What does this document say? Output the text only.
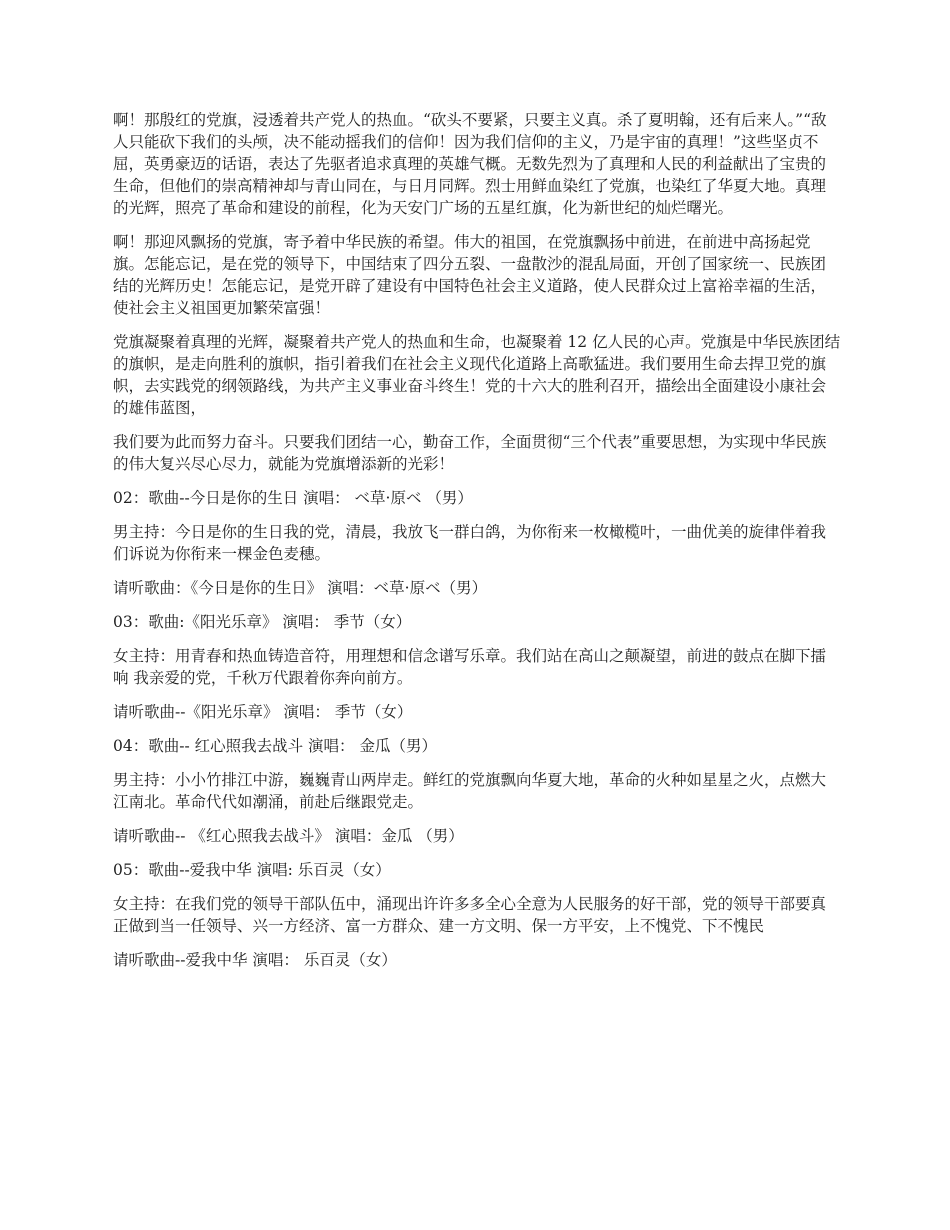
啊！那殷红的党旗，浸透着共产党人的热血。“砍头不要紧，只要主义真。杀了夏明翰，还有后来人。”“敌人只能砍下我们的头颅，决不能动摇我们的信仰！因为我们信仰的主义，乃是宇宙的真理！”这些坚贞不屈，英勇豪迈的话语，表达了先驱者追求真理的英雄气概。无数先烈为了真理和人民的利益献出了宝贵的生命，但他们的崇高精神却与青山同在，与日月同辉。烈士用鲜血染红了党旗，也染红了华夏大地。真理的光辉，照亮了革命和建设的前程，化为天安门广场的五星红旗，化为新世纪的灿烂曙光。

啊！那迎风飘扬的党旗，寄予着中华民族的希望。伟大的祖国，在党旗飘扬中前进，在前进中高扬起党旗。怎能忘记，是在党的领导下，中国结束了四分五裂、一盘散沙的混乱局面，开创了国家统一、民族团结的光辉历史！怎能忘记，是党开辟了建设有中国特色社会主义道路，使人民群众过上富裕幸福的生活，使社会主义祖国更加繁荣富强！

党旗凝聚着真理的光辉，凝聚着共产党人的热血和生命，也凝聚着 12 亿人民的心声。党旗是中华民族团结的旗帜，是走向胜利的旗帜，指引着我们在社会主义现代化道路上高歌猛进。我们要用生命去捍卫党的旗帜，去实践党的纲领路线，为共产主义事业奋斗终生！党的十六大的胜利召开，描绘出全面建设小康社会的雄伟蓝图，

我们要为此而努力奋斗。只要我们团结一心，勤奋工作，全面贯彻“三个代表”重要思想，为实现中华民族的伟大复兴尽心尽力，就能为党旗增添新的光彩！

02：歌曲--今日是你的生日 演唱： ベ草·原ベ （男）

男主持：今日是你的生日我的党，清晨，我放飞一群白鸽，为你衔来一枚橄榄叶，一曲优美的旋律伴着我们诉说为你衔来一棵金色麦穗。

请听歌曲：《今日是你的生日》 演唱：ベ草·原ベ（男）

03：歌曲:《阳光乐章》 演唱： 季节（女）

女主持：用青春和热血铸造音符，用理想和信念谱写乐章。我们站在高山之颠凝望，前进的鼓点在脚下擂响 我亲爱的党，千秋万代跟着你奔向前方。

请听歌曲--《阳光乐章》 演唱： 季节（女）

04：歌曲-- 红心照我去战斗 演唱： 金瓜（男）

男主持：小小竹排江中游，巍巍青山两岸走。鲜红的党旗飘向华夏大地，革命的火种如星星之火，点燃大江南北。革命代代如潮涌，前赴后继跟党走。

请听歌曲-- 《红心照我去战斗》 演唱：金瓜 （男）

05：歌曲--爱我中华 演唱: 乐百灵（女）

女主持：在我们党的领导干部队伍中，涌现出许许多多全心全意为人民服务的好干部，党的领导干部要真正做到当一任领导、兴一方经济、富一方群众、建一方文明、保一方平安，上不愧党、下不愧民

请听歌曲--爱我中华 演唱： 乐百灵（女）
